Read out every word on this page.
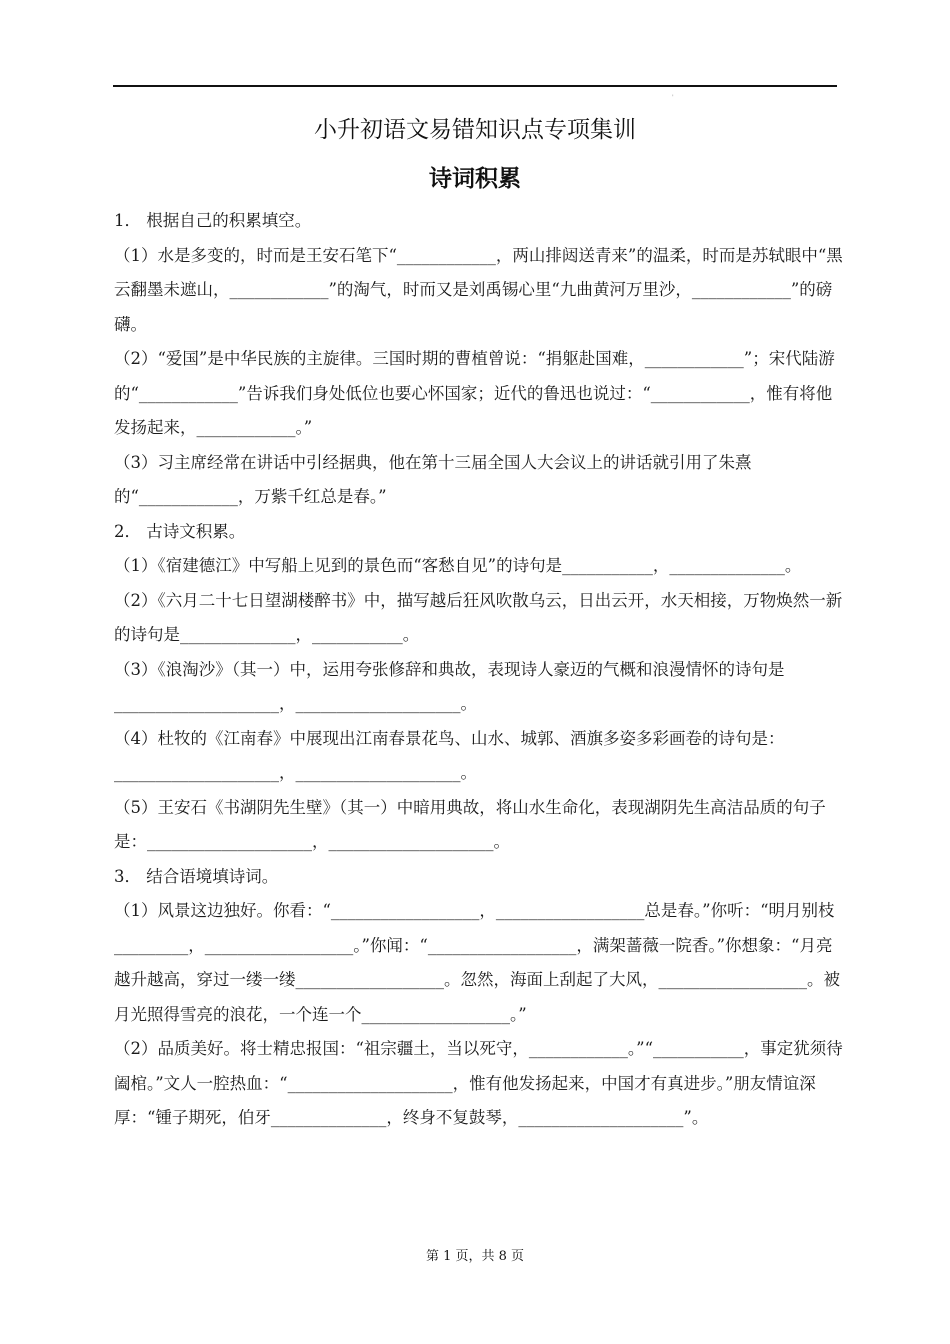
'
小升初语文易错知识点专项集训
诗词积累

1． 根据自己的积累填空。

（1）水是多变的，时而是王安石笔下“____________，两山排闼送青来”的温柔，时而是苏轼眼中“黑云翻墨未遮山，____________”的淘气，时而又是刘禹锡心里“九曲黄河万里沙，____________”的磅礴。

（2）“爱国”是中华民族的主旋律。三国时期的曹植曾说：“捐躯赴国难，____________”；宋代陆游的“____________”告诉我们身处低位也要心怀国家；近代的鲁迅也说过：“____________，惟有将他发扬起来，____________。”

（3）习主席经常在讲话中引经据典，他在第十三届全国人大会议上的讲话就引用了朱熹的“____________，万紫千红总是春。”

2． 古诗文积累。

（1）《宿建德江》中写船上见到的景色而“客愁自见”的诗句是___________，______________。

（2）《六月二十七日望湖楼醉书》中，描写越后狂风吹散乌云，日出云开，水天相接，万物焕然一新的诗句是______________，___________。

（3）《浪淘沙》（其一）中，运用夸张修辞和典故，表现诗人豪迈的气概和浪漫情怀的诗句是____________________，____________________。

（4）杜牧的《江南春》中展现出江南春景花鸟、山水、城郭、酒旗多姿多彩画卷的诗句是：____________________，____________________。

（5）王安石《书湖阴先生壁》（其一）中暗用典故，将山水生命化，表现湖阴先生高洁品质的句子是：____________________，____________________。

3． 结合语境填诗词。

（1）风景这边独好。你看：“__________________，__________________总是春。”你听：“明月别枝_________，__________________。”你闻：“__________________，满架蔷薇一院香。”你想象：“月亮越升越高，穿过一缕一缕__________________。忽然，海面上刮起了大风，__________________。被月光照得雪亮的浪花，一个连一个__________________。”

（2）品质美好。将士精忠报国：“祖宗疆土，当以死守，____________。”“___________，事定犹须待阖棺。”文人一腔热血：“____________________，惟有他发扬起来，中国才有真进步。”朋友情谊深厚：“锺子期死，伯牙______________，终身不复鼓琴，____________________”。

第 1 页，共 8 页
